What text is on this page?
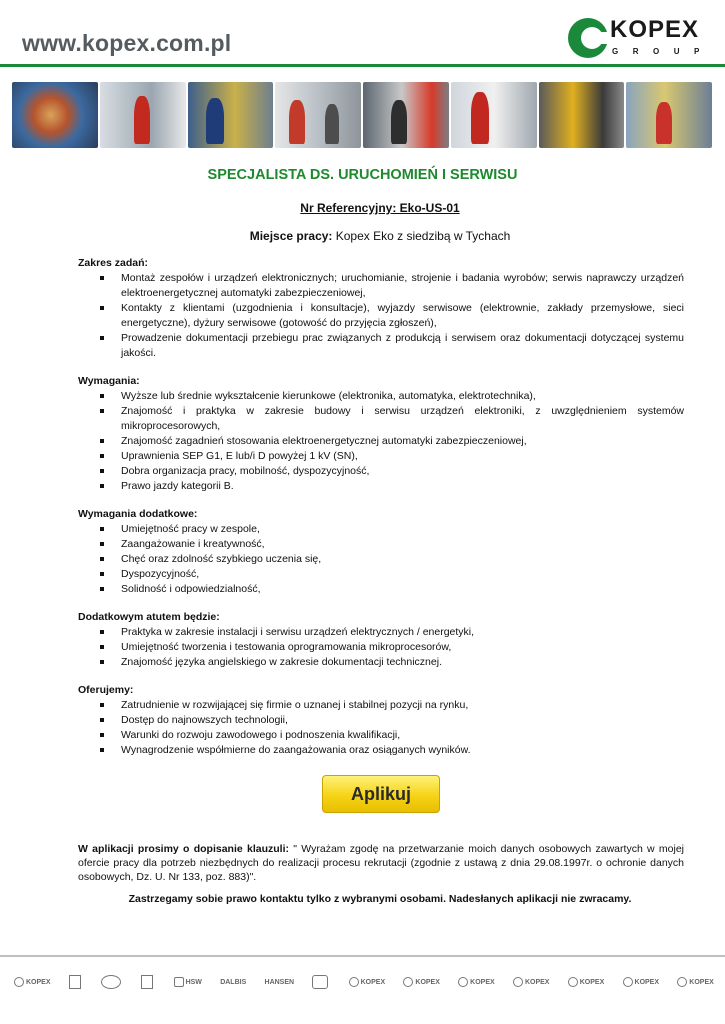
www.kopex.com.pl	KOPEX
GROUP
SPECJALISTA DS. URUCHOMIEŃ I SERWISU
Nr Referencyjny: Eko-US-01
Miejsce pracy: Kopex Eko z siedzibą w Tychach
Zakres zadań:
Montaż zespołów i urządzeń elektronicznych; uruchomianie, strojenie i badania wyrobów; serwis naprawczy urządzeń elektroenergetycznej automatyki zabezpieczeniowej,
Kontakty z klientami (uzgodnienia i konsultacje), wyjazdy serwisowe (elektrownie, zakłady przemysłowe, sieci energetyczne), dyżury serwisowe (gotowość do przyjęcia zgłoszeń),
Prowadzenie dokumentacji przebiegu prac związanych z produkcją i serwisem oraz dokumentacji dotyczącej systemu jakości.
Wymagania:
Wyższe lub średnie wykształcenie kierunkowe (elektronika, automatyka, elektrotechnika),
Znajomość i praktyka w zakresie budowy i serwisu urządzeń elektroniki, z uwzględnieniem systemów mikroprocesorowych,
Znajomość zagadnień stosowania elektroenergetycznej automatyki zabezpieczeniowej,
Uprawnienia SEP G1, E lub/i D powyżej 1 kV (SN),
Dobra organizacja pracy, mobilność, dyspozycyjność,
Prawo jazdy kategorii B.
Wymagania dodatkowe:
Umiejętność pracy w zespole,
Zaangażowanie i kreatywność,
Chęć oraz zdolność szybkiego uczenia się,
Dyspozycyjność,
Solidność i odpowiedzialność,
Dodatkowym atutem będzie:
Praktyka w zakresie instalacji i serwisu urządzeń elektrycznych / energetyki,
Umiejętność tworzenia i testowania oprogramowania mikroprocesorów,
Znajomość języka angielskiego w zakresie dokumentacji technicznej.
Oferujemy:
Zatrudnienie w rozwijającej się firmie o uznanej i stabilnej pozycji na rynku,
Dostęp do najnowszych technologii,
Warunki do rozwoju zawodowego i podnoszenia kwalifikacji,
Wynagrodzenie współmierne do zaangażowania oraz osiąganych wyników.
Aplikuj
W aplikacji prosimy o dopisanie klauzuli: " Wyrażam zgodę na przetwarzanie moich danych osobowych zawartych w mojej ofercie pracy dla potrzeb niezbędnych do realizacji procesu rekrutacji (zgodnie z ustawą z dnia 29.08.1997r. o ochronie danych osobowych, Dz. U. Nr 133, poz. 883)".
Zastrzegamy sobie prawo kontaktu tylko z wybranymi osobami. Nadesłanych aplikacji nie zwracamy.
KOPEX	HSW	DALBIS	HANSEN	KOPEX	KOPEX	KOPEX	KOPEX	KOPEX	KOPEX	KOPEX
